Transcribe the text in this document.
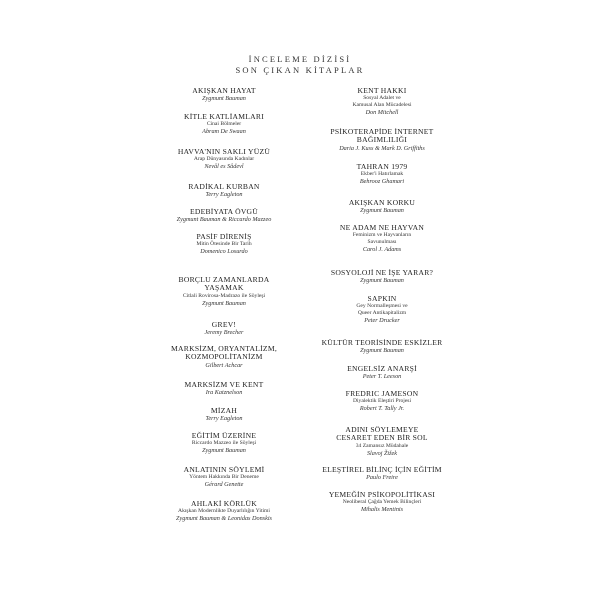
İNCELEME DİZİSİ
SON ÇIKAN KİTAPLAR
AKIŞKAN HAYAT
Zygmunt Bauman
KİTLE KATLİAMLARI
Cinai Bölmeler
Abram De Swaan
HAVVA'NIN SAKLI YÜZÜ
Arap Dünyasında Kadınlar
Nevâl es Sâdevî
RADİKAL KURBAN
Terry Eagleton
EDEBİYATA ÖVGÜ
Zygmunt Bauman & Riccardo Mazzeo
PASİF DİRENİŞ
Mitin Ötesinde Bir Tarih
Domenico Losurdo
BORÇLU ZAMANLARDA
YAŞAMAK
Citlali Rovirosa-Madrazo ile Söyleşi
Zygmunt Bauman
GREV!
Jeremy Brecher
MARKSİZM, ORYANTALİZM,
KOZMOPOLİTANİZM
Gilbert Achcar
MARKSİZM VE KENT
Ira Katznelson
MİZAH
Terry Eagleton
EĞİTİM ÜZERİNE
Riccardo Mazzeo ile Söyleşi
Zygmunt Bauman
ANLATININ SÖYLEMİ
Yöntem Hakkında Bir Deneme
Gérard Genette
AHLAKİ KÖRLÜK
Akışkan Modernlikte Duyarlılığın Yitimi
Zygmunt Bauman & Leonidas Donskis
KENT HAKKI
Sosyal Adalet ve
Kamusal Alan Mücadelesi
Don Mitchell
PSİKOTERAPİDE İNTERNET
BAĞIMLILIĞI
Daria J. Kuss & Mark D. Griffiths
TAHRAN 1979
Ekber'i Hatırlamak
Behrooz Ghamari
AKIŞKAN KORKU
Zygmunt Bauman
NE ADAM NE HAYVAN
Feminizm ve Hayvanların
Savunulması
Carol J. Adams
SOSYOLOJİ NE İŞE YARAR?
Zygmunt Bauman
SAPKIN
Gey Normalleşmesi ve
Queer Antikapitalizm
Peter Drucker
KÜLTÜR TEORİSİNDE ESKİZLER
Zygmunt Bauman
ENGELSİZ ANARŞİ
Peter T. Leeson
FREDRIC JAMESON
Diyalektik Eleştiri Projesi
Robert T. Tally Jr.
ADINI SÖYLEMEYE
CESARET EDEN BİR SOL
34 Zamansız Müdahale
Slavoj Žižek
ELEŞTİREL BİLİNÇ İÇİN EĞİTİM
Paulo Freire
YEMEĞİN PSİKOPOLİTİKASI
Neoliberal Çağda Yemek Bilinçleri
Mihalis Mentinis
